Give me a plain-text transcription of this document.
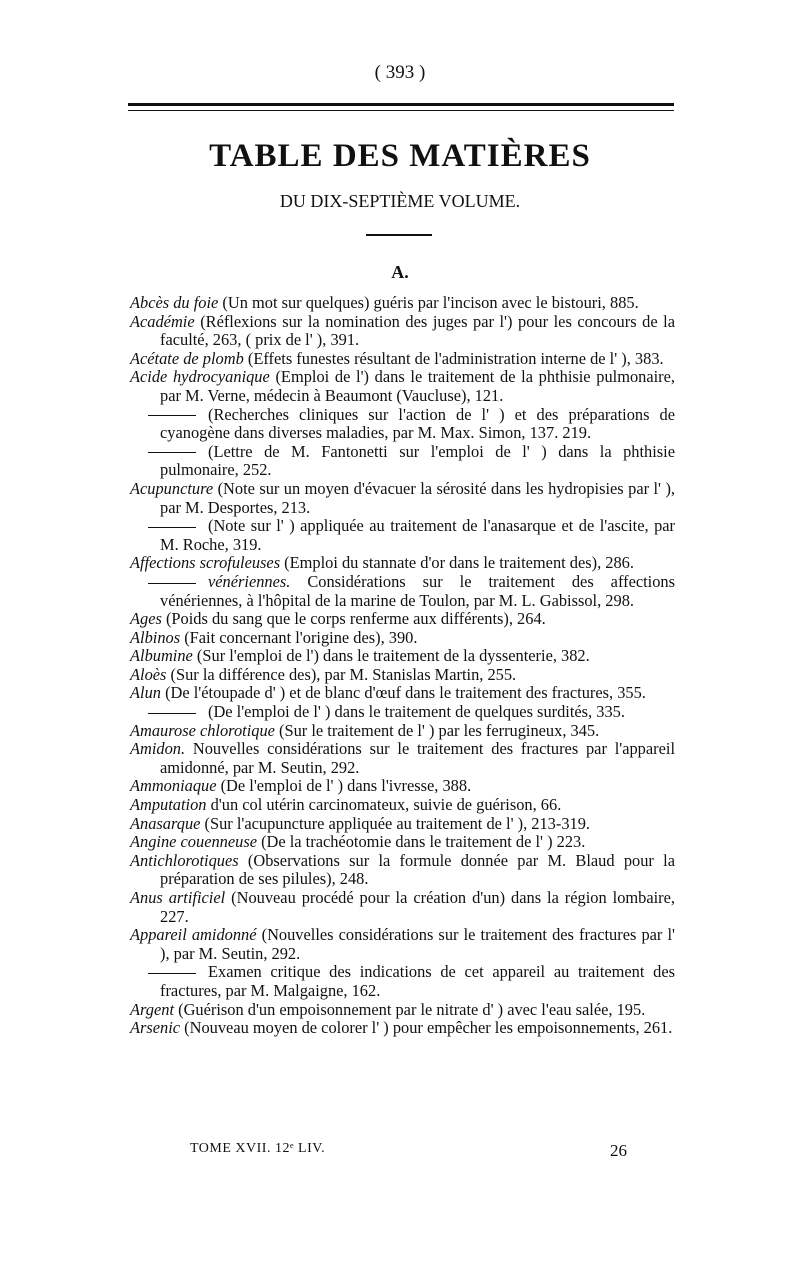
( 393 )
TABLE DES MATIÈRES
DU DIX-SEPTIÈME VOLUME.
A.

Abcès du foie (Un mot sur quelques) guéris par l'incison avec le bistouri, 885.

Académie (Réflexions sur la nomination des juges par l') pour les concours de la faculté, 263, ( prix de l' ), 391.

Acétate de plomb (Effets funestes résultant de l'administration interne de l' ), 383.

Acide hydrocyanique (Emploi de l') dans le traitement de la phthisie pulmonaire, par M. Verne, médecin à Beaumont (Vaucluse), 121.

(Recherches cliniques sur l'action de l' ) et des préparations de cyanogène dans diverses maladies, par M. Max. Simon, 137. 219.

(Lettre de M. Fantonetti sur l'emploi de l' ) dans la phthisie pulmonaire, 252.

Acupuncture (Note sur un moyen d'évacuer la sérosité dans les hydropisies par l' ), par M. Desportes, 213.

(Note sur l' ) appliquée au traitement de l'anasarque et de l'ascite, par M. Roche, 319.

Affections scrofuleuses (Emploi du stannate d'or dans le traitement des), 286.

vénériennes. Considérations sur le traitement des affections vénériennes, à l'hôpital de la marine de Toulon, par M. L. Gabissol, 298.

Ages (Poids du sang que le corps renferme aux différents), 264.

Albinos (Fait concernant l'origine des), 390.

Albumine (Sur l'emploi de l') dans le traitement de la dyssenterie, 382.

Aloès (Sur la différence des), par M. Stanislas Martin, 255.

Alun (De l'étoupade d' ) et de blanc d'œuf dans le traitement des fractures, 355.

(De l'emploi de l' ) dans le traitement de quelques surdités, 335.

Amaurose chlorotique (Sur le traitement de l' ) par les ferrugineux, 345.

Amidon. Nouvelles considérations sur le traitement des fractures par l'appareil amidonné, par M. Seutin, 292.

Ammoniaque (De l'emploi de l' ) dans l'ivresse, 388.

Amputation d'un col utérin carcinomateux, suivie de guérison, 66.

Anasarque (Sur l'acupuncture appliquée au traitement de l' ), 213-319.

Angine couenneuse (De la trachéotomie dans le traitement de l' ) 223.

Antichlorotiques (Observations sur la formule donnée par M. Blaud pour la préparation de ses pilules), 248.

Anus artificiel (Nouveau procédé pour la création d'un) dans la région lombaire, 227.

Appareil amidonné (Nouvelles considérations sur le traitement des fractures par l' ), par M. Seutin, 292.

Examen critique des indications de cet appareil au traitement des fractures, par M. Malgaigne, 162.

Argent (Guérison d'un empoisonnement par le nitrate d' ) avec l'eau salée, 195.

Arsenic (Nouveau moyen de colorer l' ) pour empêcher les empoisonnements, 261.

TOME XVII. 12ᵉ LIV.	26
